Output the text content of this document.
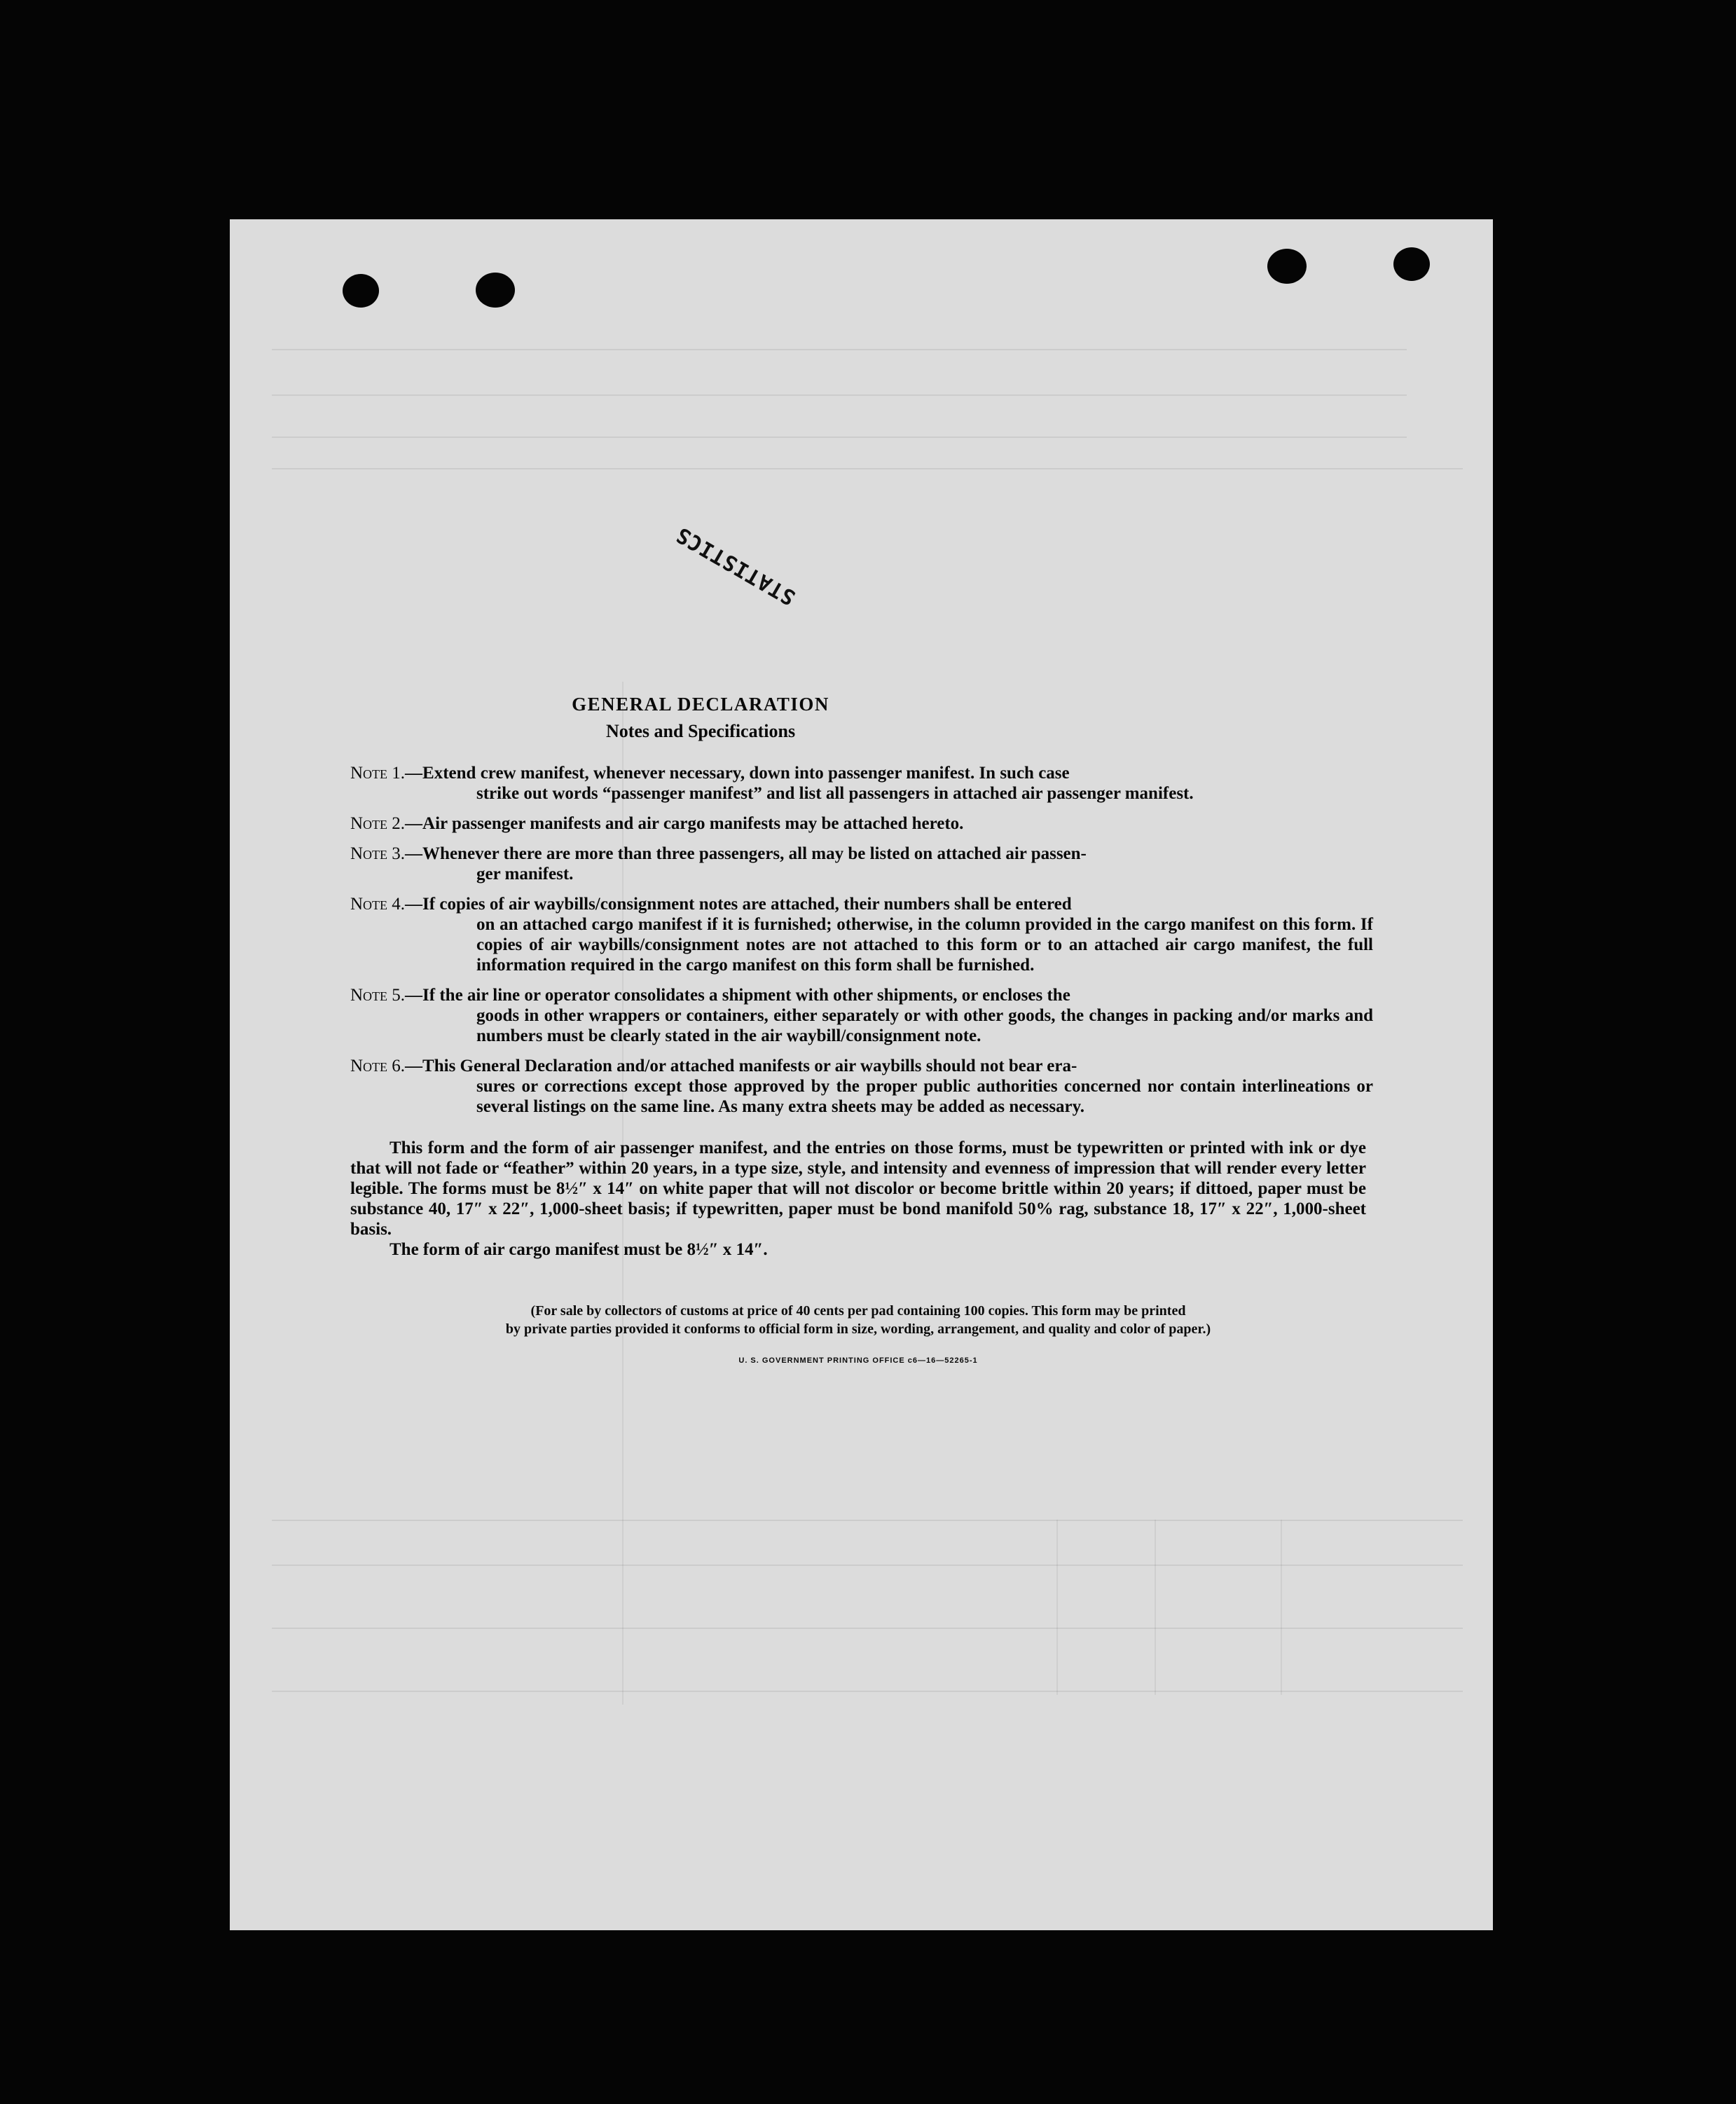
STATISTICS
GENERAL DECLARATION
Notes and Specifications
Note 1.—Extend crew manifest, whenever necessary, down into passenger manifest. In such case
strike out words “passenger manifest” and list all passengers in attached air passenger manifest.
Note 2.—Air passenger manifests and air cargo manifests may be attached hereto.
Note 3.—Whenever there are more than three passengers, all may be listed on attached air passen-
ger manifest.
Note 4.—If copies of air waybills/consignment notes are attached, their numbers shall be entered
on an attached cargo manifest if it is furnished; otherwise, in the column provided in the cargo manifest on this form. If copies of air waybills/consignment notes are not attached to this form or to an attached air cargo manifest, the full information required in the cargo manifest on this form shall be furnished.
Note 5.—If the air line or operator consolidates a shipment with other shipments, or encloses the
goods in other wrappers or containers, either separately or with other goods, the changes in packing and/or marks and numbers must be clearly stated in the air waybill/consignment note.
Note 6.—This General Declaration and/or attached manifests or air waybills should not bear era-
sures or corrections except those approved by the proper public authorities concerned nor contain interlineations or several listings on the same line. As many extra sheets may be added as necessary.
This form and the form of air passenger manifest, and the entries on those forms, must be typewritten or printed with ink or dye that will not fade or “feather” within 20 years, in a type size, style, and intensity and evenness of impression that will render every letter legible. The forms must be 8½″ x 14″ on white paper that will not discolor or become brittle within 20 years; if dittoed, paper must be substance 40, 17″ x 22″, 1,000-sheet basis; if typewritten, paper must be bond manifold 50% rag, substance 18, 17″ x 22″, 1,000-sheet basis.
The form of air cargo manifest must be 8½″ x 14″.
(For sale by collectors of customs at price of 40 cents per pad containing 100 copies. This form may be printed
by private parties provided it conforms to official form in size, wording, arrangement, and quality and color of paper.)
U. S. GOVERNMENT PRINTING OFFICE c6—16—52265-1
